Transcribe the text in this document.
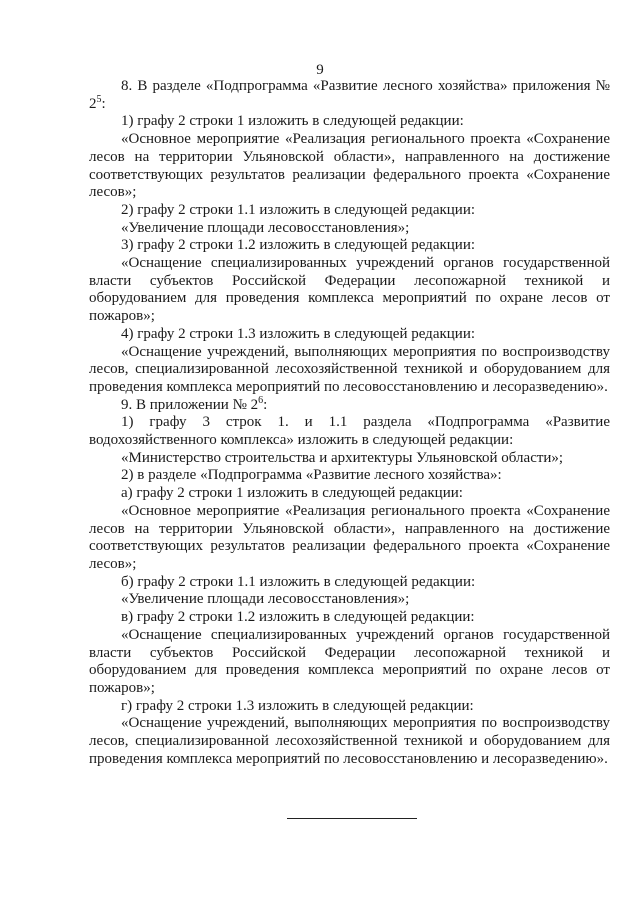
9

8. В разделе «Подпрограмма «Развитие лесного хозяйства» приложения № $2^5$:

1) графу 2 строки 1 изложить в следующей редакции:

«Основное мероприятие «Реализация регионального проекта «Сохранение лесов на территории Ульяновской области», направленного на достижение соответствующих результатов реализации федерального проекта «Сохранение лесов»;

2) графу 2 строки 1.1 изложить в следующей редакции:

«Увеличение площади лесовосстановления»;

3) графу 2 строки 1.2 изложить в следующей редакции:

«Оснащение специализированных учреждений органов государственной власти субъектов Российской Федерации лесопожарной техникой и оборудованием для проведения комплекса мероприятий по охране лесов от пожаров»;

4) графу 2 строки 1.3 изложить в следующей редакции:

«Оснащение учреждений, выполняющих мероприятия по воспроизводству лесов, специализированной лесохозяйственной техникой и оборудованием для проведения комплекса мероприятий по лесовосстановлению и лесоразведению».

9. В приложении № $2^6$:

1) графу 3 строк 1. и 1.1 раздела «Подпрограмма «Развитие водохозяйственного комплекса» изложить в следующей редакции:

«Министерство строительства и архитектуры Ульяновской области»;

2) в разделе «Подпрограмма «Развитие лесного хозяйства»:

а) графу 2 строки 1 изложить в следующей редакции:

«Основное мероприятие «Реализация регионального проекта «Сохранение лесов на территории Ульяновской области», направленного на достижение соответствующих результатов реализации федерального проекта «Сохранение лесов»;

б) графу 2 строки 1.1 изложить в следующей редакции:

«Увеличение площади лесовосстановления»;

в) графу 2 строки 1.2 изложить в следующей редакции:

«Оснащение специализированных учреждений органов государственной власти субъектов Российской Федерации лесопожарной техникой и оборудованием для проведения комплекса мероприятий по охране лесов от пожаров»;

г) графу 2 строки 1.3 изложить в следующей редакции:

«Оснащение учреждений, выполняющих мероприятия по воспроизводству лесов, специализированной лесохозяйственной техникой и оборудованием для проведения комплекса мероприятий по лесовосстановлению и лесоразведению».
